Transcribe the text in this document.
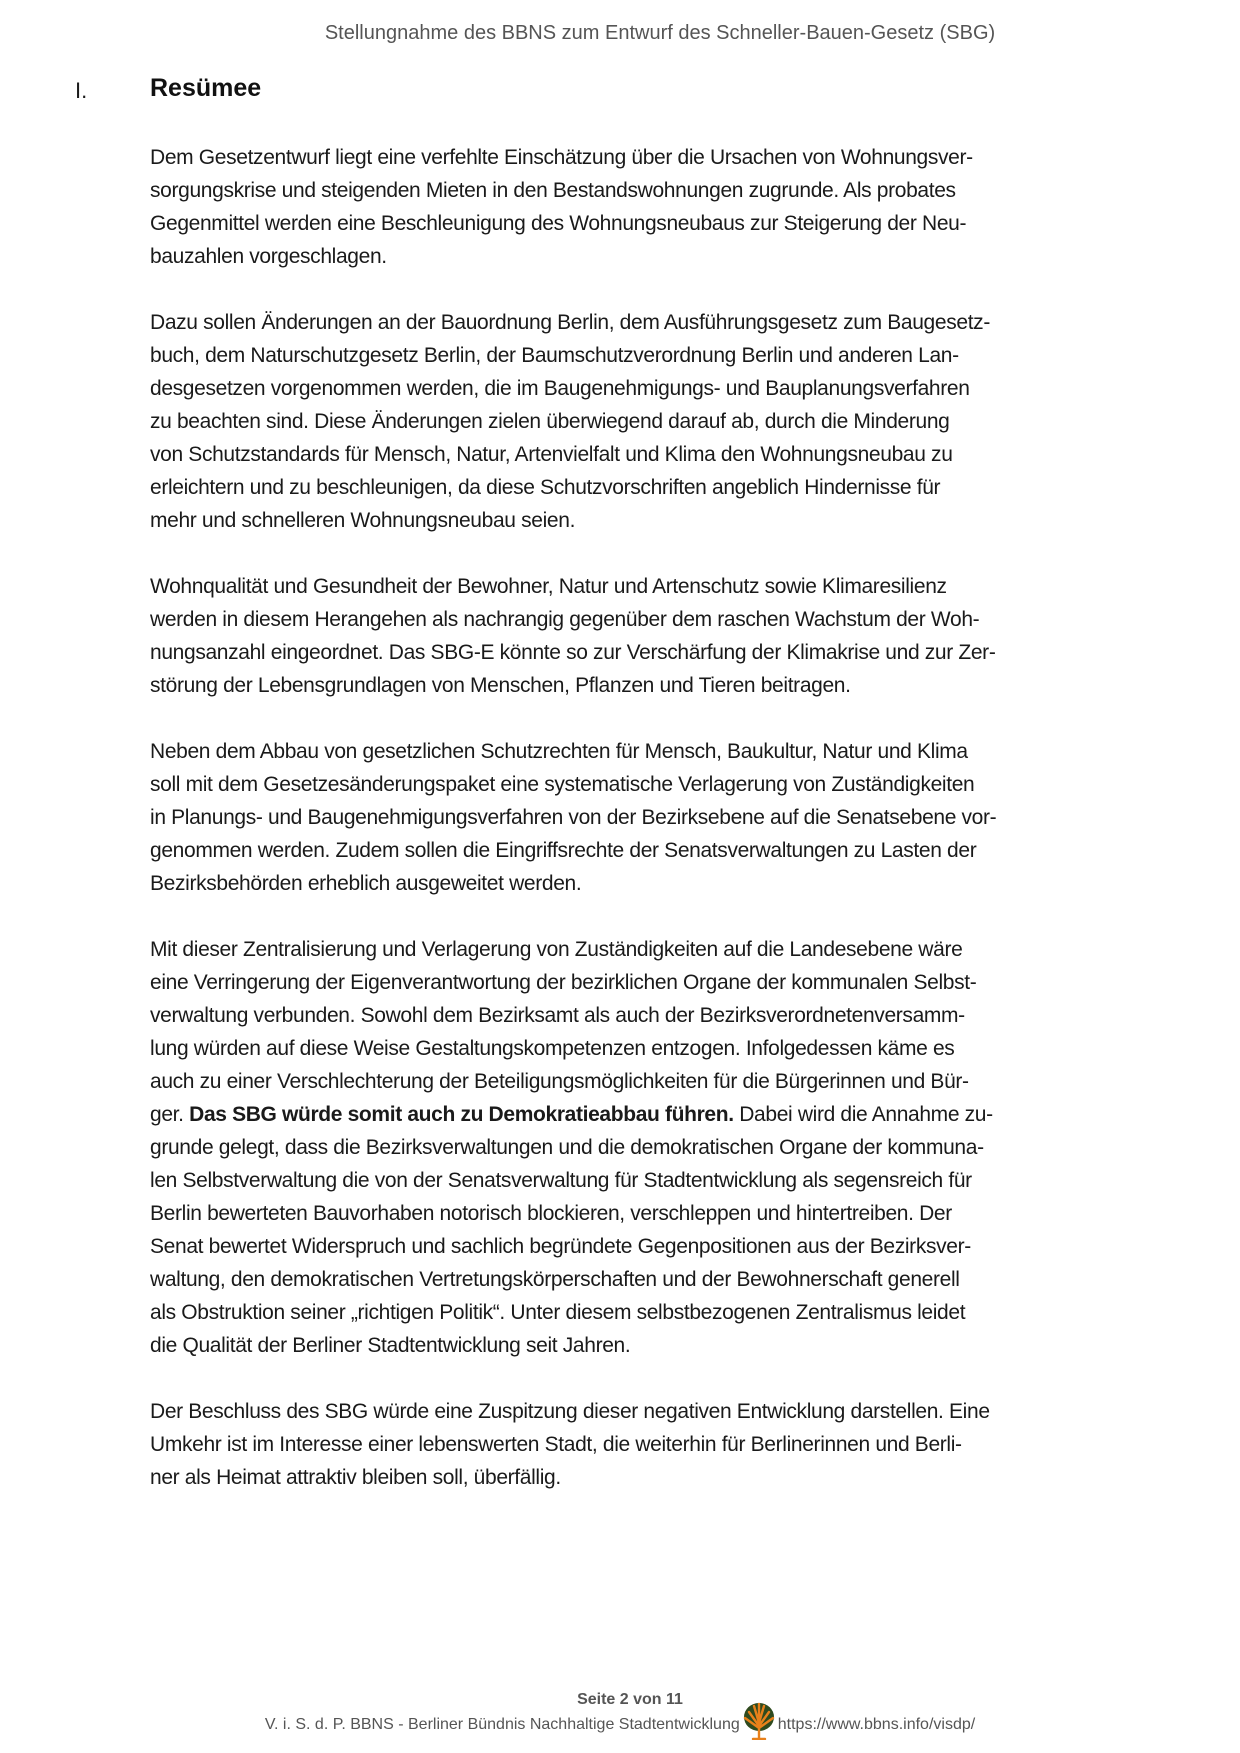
Stellungnahme des BBNS zum Entwurf des Schneller-Bauen-Gesetz (SBG)
I.	Resümee

Dem Gesetzentwurf liegt eine verfehlte Einschätzung über die Ursachen von Wohnungsver-
sorgungskrise und steigenden Mieten in den Bestandswohnungen zugrunde. Als probates
Gegenmittel werden eine Beschleunigung des Wohnungsneubaus zur Steigerung der Neu-
bauzahlen vorgeschlagen.

Dazu sollen Änderungen an der Bauordnung Berlin, dem Ausführungsgesetz zum Baugesetz-
buch, dem Naturschutzgesetz Berlin, der Baumschutzverordnung Berlin und anderen Lan-
desgesetzen vorgenommen werden, die im Baugenehmigungs- und Bauplanungsverfahren
zu beachten sind. Diese Änderungen zielen überwiegend darauf ab, durch die Minderung
von Schutzstandards für Mensch, Natur, Artenvielfalt und Klima den Wohnungsneubau zu
erleichtern und zu beschleunigen, da diese Schutzvorschriften angeblich Hindernisse für
mehr und schnelleren Wohnungsneubau seien.

Wohnqualität und Gesundheit der Bewohner, Natur und Artenschutz sowie Klimaresilienz
werden in diesem Herangehen als nachrangig gegenüber dem raschen Wachstum der Woh-
nungsanzahl eingeordnet. Das SBG-E könnte so zur Verschärfung der Klimakrise und zur Zer-
störung der Lebensgrundlagen von Menschen, Pflanzen und Tieren beitragen.

Neben dem Abbau von gesetzlichen Schutzrechten für Mensch, Baukultur, Natur und Klima
soll mit dem Gesetzesänderungspaket eine systematische Verlagerung von Zuständigkeiten
in Planungs- und Baugenehmigungsverfahren von der Bezirksebene auf die Senatsebene vor-
genommen werden. Zudem sollen die Eingriffsrechte der Senatsverwaltungen zu Lasten der
Bezirksbehörden erheblich ausgeweitet werden.

Mit dieser Zentralisierung und Verlagerung von Zuständigkeiten auf die Landesebene wäre
eine Verringerung der Eigenverantwortung der bezirklichen Organe der kommunalen Selbst-
verwaltung verbunden. Sowohl dem Bezirksamt als auch der Bezirksverordnetenversamm-
lung würden auf diese Weise Gestaltungskompetenzen entzogen. Infolgedessen käme es
auch zu einer Verschlechterung der Beteiligungsmöglichkeiten für die Bürgerinnen und Bür-
ger. Das SBG würde somit auch zu Demokratieabbau führen. Dabei wird die Annahme zu-
grunde gelegt, dass die Bezirksverwaltungen und die demokratischen Organe der kommuna-
len Selbstverwaltung die von der Senatsverwaltung für Stadtentwicklung als segensreich für
Berlin bewerteten Bauvorhaben notorisch blockieren, verschleppen und hintertreiben. Der
Senat bewertet Widerspruch und sachlich begründete Gegenpositionen aus der Bezirksver-
waltung, den demokratischen Vertretungskörperschaften und der Bewohnerschaft generell
als Obstruktion seiner „richtigen Politik“. Unter diesem selbstbezogenen Zentralismus leidet
die Qualität der Berliner Stadtentwicklung seit Jahren.

Der Beschluss des SBG würde eine Zuspitzung dieser negativen Entwicklung darstellen. Eine
Umkehr ist im Interesse einer lebenswerten Stadt, die weiterhin für Berlinerinnen und Berli-
ner als Heimat attraktiv bleiben soll, überfällig.

Seite 2 von 11
V. i. S. d. P. BBNS - Berliner Bündnis Nachhaltige Stadtentwicklung https://www.bbns.info/visdp/
